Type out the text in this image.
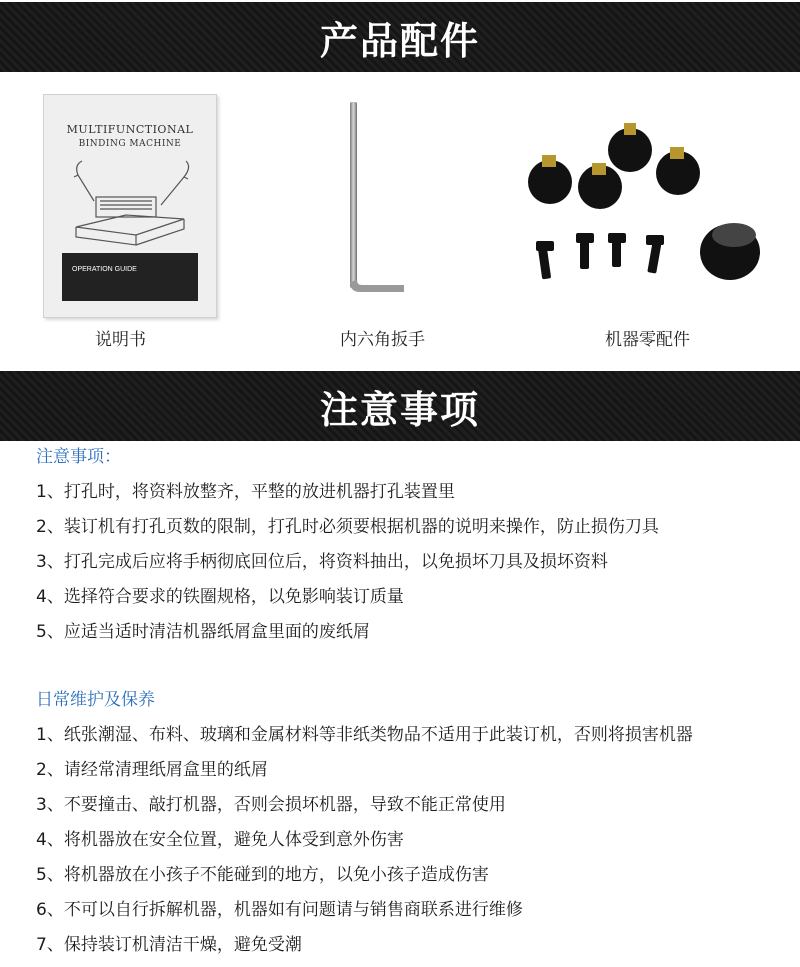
产品配件
MULTIFUNCTIONAL
BINDING MACHINE
OPERATION GUIDE
说明书	内六角扳手	机器零配件
注意事项
注意事项：
1、打孔时，将资料放整齐，平整的放进机器打孔装置里
2、装订机有打孔页数的限制，打孔时必须要根据机器的说明来操作，防止损伤刀具
3、打孔完成后应将手柄彻底回位后，将资料抽出，以免损坏刀具及损坏资料
4、选择符合要求的铁圈规格，以免影响装订质量
5、应适当适时清洁机器纸屑盒里面的废纸屑
日常维护及保养
1、纸张潮湿、布料、玻璃和金属材料等非纸类物品不适用于此装订机，否则将损害机器
2、请经常清理纸屑盒里的纸屑
3、不要撞击、敲打机器，否则会损坏机器，导致不能正常使用
4、将机器放在安全位置，避免人体受到意外伤害
5、将机器放在小孩子不能碰到的地方，以免小孩子造成伤害
6、不可以自行拆解机器，机器如有问题请与销售商联系进行维修
7、保持装订机清洁干燥，避免受潮
